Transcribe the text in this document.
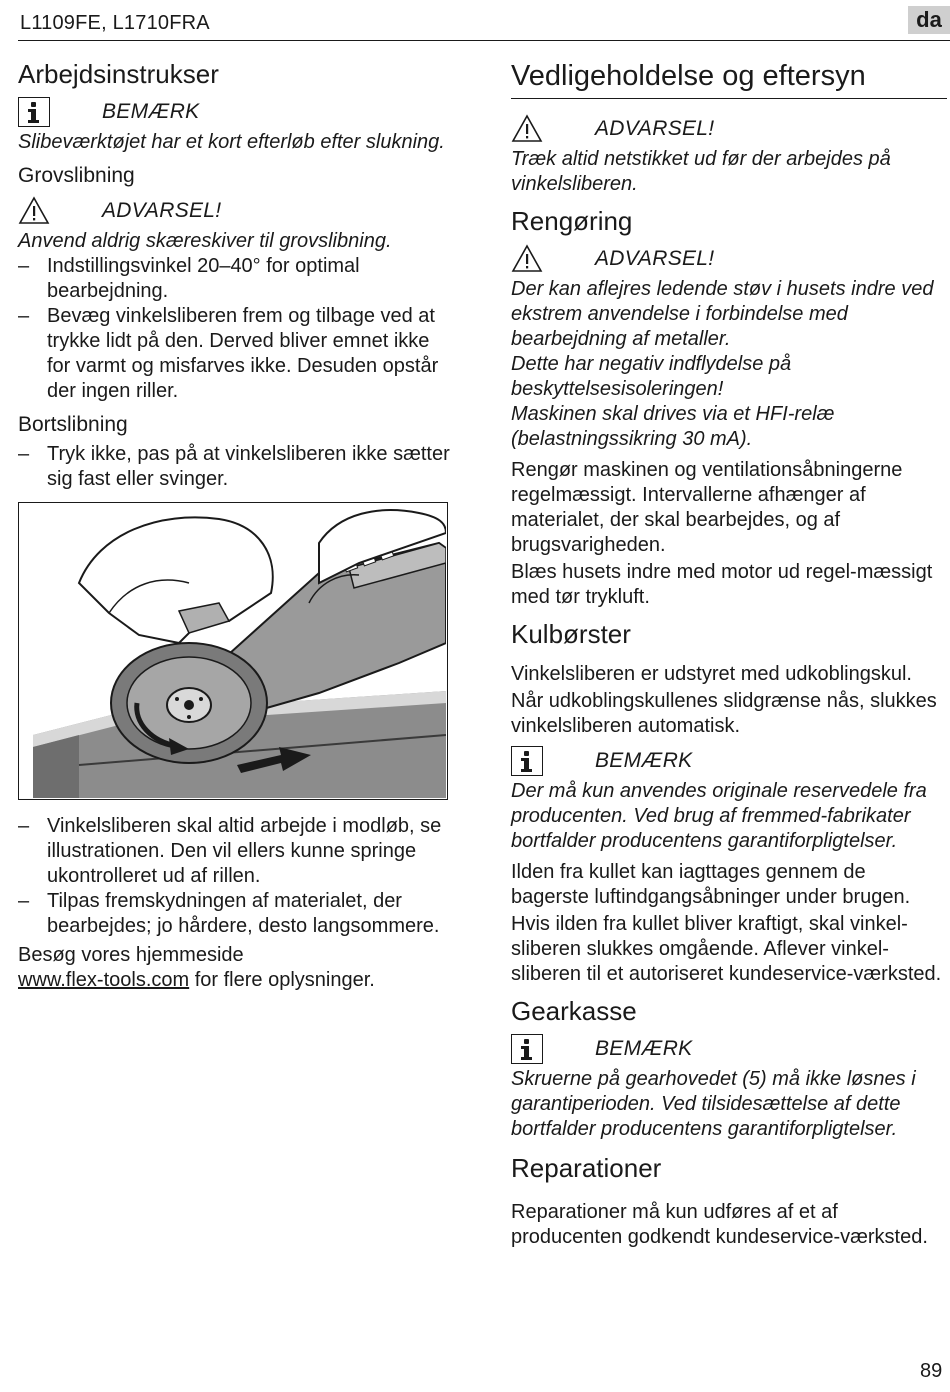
L1109FE, L1710FRA	da
Arbejdsinstrukser
BEMÆRK
Slibeværktøjet har et kort efterløb efter slukning.
Grovslibning
ADVARSEL!
Anvend aldrig skæreskiver til grovslibning.
– Indstillingsvinkel 20–40° for optimal bearbejdning.
– Bevæg vinkelsliberen frem og tilbage ved at trykke lidt på den. Derved bliver emnet ikke for varmt og misfarves ikke. Desuden opstår der ingen riller.
Bortslibning
– Tryk ikke, pas på at vinkelsliberen ikke sætter sig fast eller svinger.
– Vinkelsliberen skal altid arbejde i modløb, se illustrationen. Den vil ellers kunne springe ukontrolleret ud af rillen.
– Tilpas fremskydningen af materialet, der bearbejdes; jo hårdere, desto langsommere.
Besøg vores hjemmeside
www.flex-tools.com for flere oplysninger.
Vedligeholdelse og eftersyn
ADVARSEL!
Træk altid netstikket ud før der arbejdes på vinkelsliberen.
Rengøring
ADVARSEL!
Der kan aflejres ledende støv i husets indre ved ekstrem anvendelse i forbindelse med bearbejdning af metaller.
Dette har negativ indflydelse på beskyttelsesisoleringen!
Maskinen skal drives via et HFI-relæ (belastningssikring 30 mA).
Rengør maskinen og ventilationsåbningerne regelmæssigt. Intervallerne afhænger af materialet, der skal bearbejdes, og af brugsvarigheden.
Blæs husets indre med motor ud regel-mæssigt med tør trykluft.
Kulbørster
Vinkelsliberen er udstyret med udkoblingskul.
Når udkoblingskullenes slidgrænse nås, slukkes vinkelsliberen automatisk.
BEMÆRK
Der må kun anvendes originale reservedele fra producenten. Ved brug af fremmed-fabrikater bortfalder producentens garantiforpligtelser.
Ilden fra kullet kan iagttages gennem de bagerste luftindgangsåbninger under brugen.
Hvis ilden fra kullet bliver kraftigt, skal vinkel-sliberen slukkes omgående. Aflever vinkel-sliberen til et autoriseret kundeservice-værksted.
Gearkasse
BEMÆRK
Skruerne på gearhovedet (5) må ikke løsnes i garantiperioden. Ved tilsidesættelse af dette bortfalder producentens garantiforpligtelser.
Reparationer
Reparationer må kun udføres af et af producenten godkendt kundeservice-værksted.
89
